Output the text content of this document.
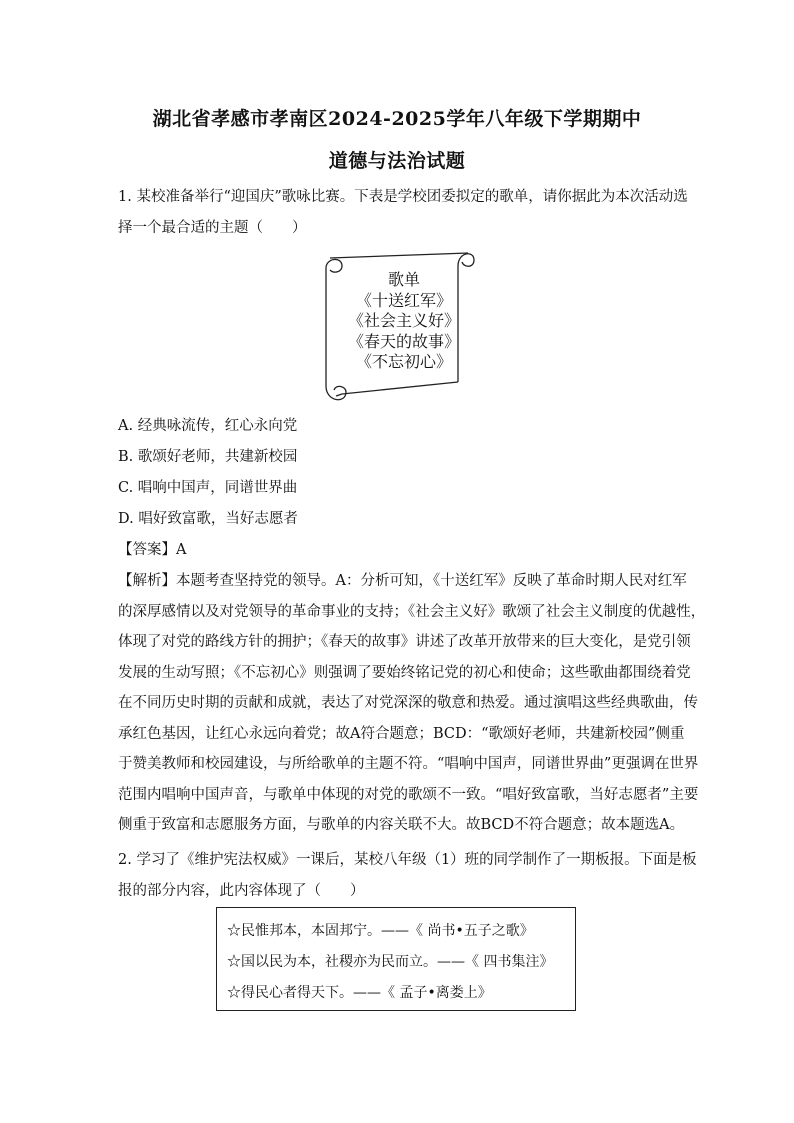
湖北省孝感市孝南区2024-2025学年八年级下学期期中
道德与法治试题
1. 某校准备举行“迎国庆”歌咏比赛。下表是学校团委拟定的歌单，请你据此为本次活动选
择一个最合适的主题（　　）
歌单
《十送红军》
《社会主义好》
《春天的故事》
《不忘初心》
A. 经典咏流传，红心永向党
B. 歌颂好老师，共建新校园
C. 唱响中国声，同谱世界曲
D. 唱好致富歌，当好志愿者
【答案】A
【解析】本题考查坚持党的领导。A：分析可知，《十送红军》反映了革命时期人民对红军
的深厚感情以及对党领导的革命事业的支持；《社会主义好》歌颂了社会主义制度的优越性，
体现了对党的路线方针的拥护；《春天的故事》讲述了改革开放带来的巨大变化，是党引领
发展的生动写照；《不忘初心》则强调了要始终铭记党的初心和使命；这些歌曲都围绕着党
在不同历史时期的贡献和成就，表达了对党深深的敬意和热爱。通过演唱这些经典歌曲，传
承红色基因，让红心永远向着党；故A符合题意；BCD：“歌颂好老师，共建新校园”侧重
于赞美教师和校园建设，与所给歌单的主题不符。“唱响中国声，同谱世界曲”更强调在世界
范围内唱响中国声音，与歌单中体现的对党的歌颂不一致。“唱好致富歌，当好志愿者”主要
侧重于致富和志愿服务方面，与歌单的内容关联不大。故BCD不符合题意；故本题选A。
2. 学习了《维护宪法权威》一课后，某校八年级（1）班的同学制作了一期板报。下面是板
报的部分内容，此内容体现了（　　）
☆民惟邦本，本固邦宁。——《 尚书•五子之歌》
☆国以民为本，社稷亦为民而立。——《 四书集注》
☆得民心者得天下。——《 孟子•离娄上》
